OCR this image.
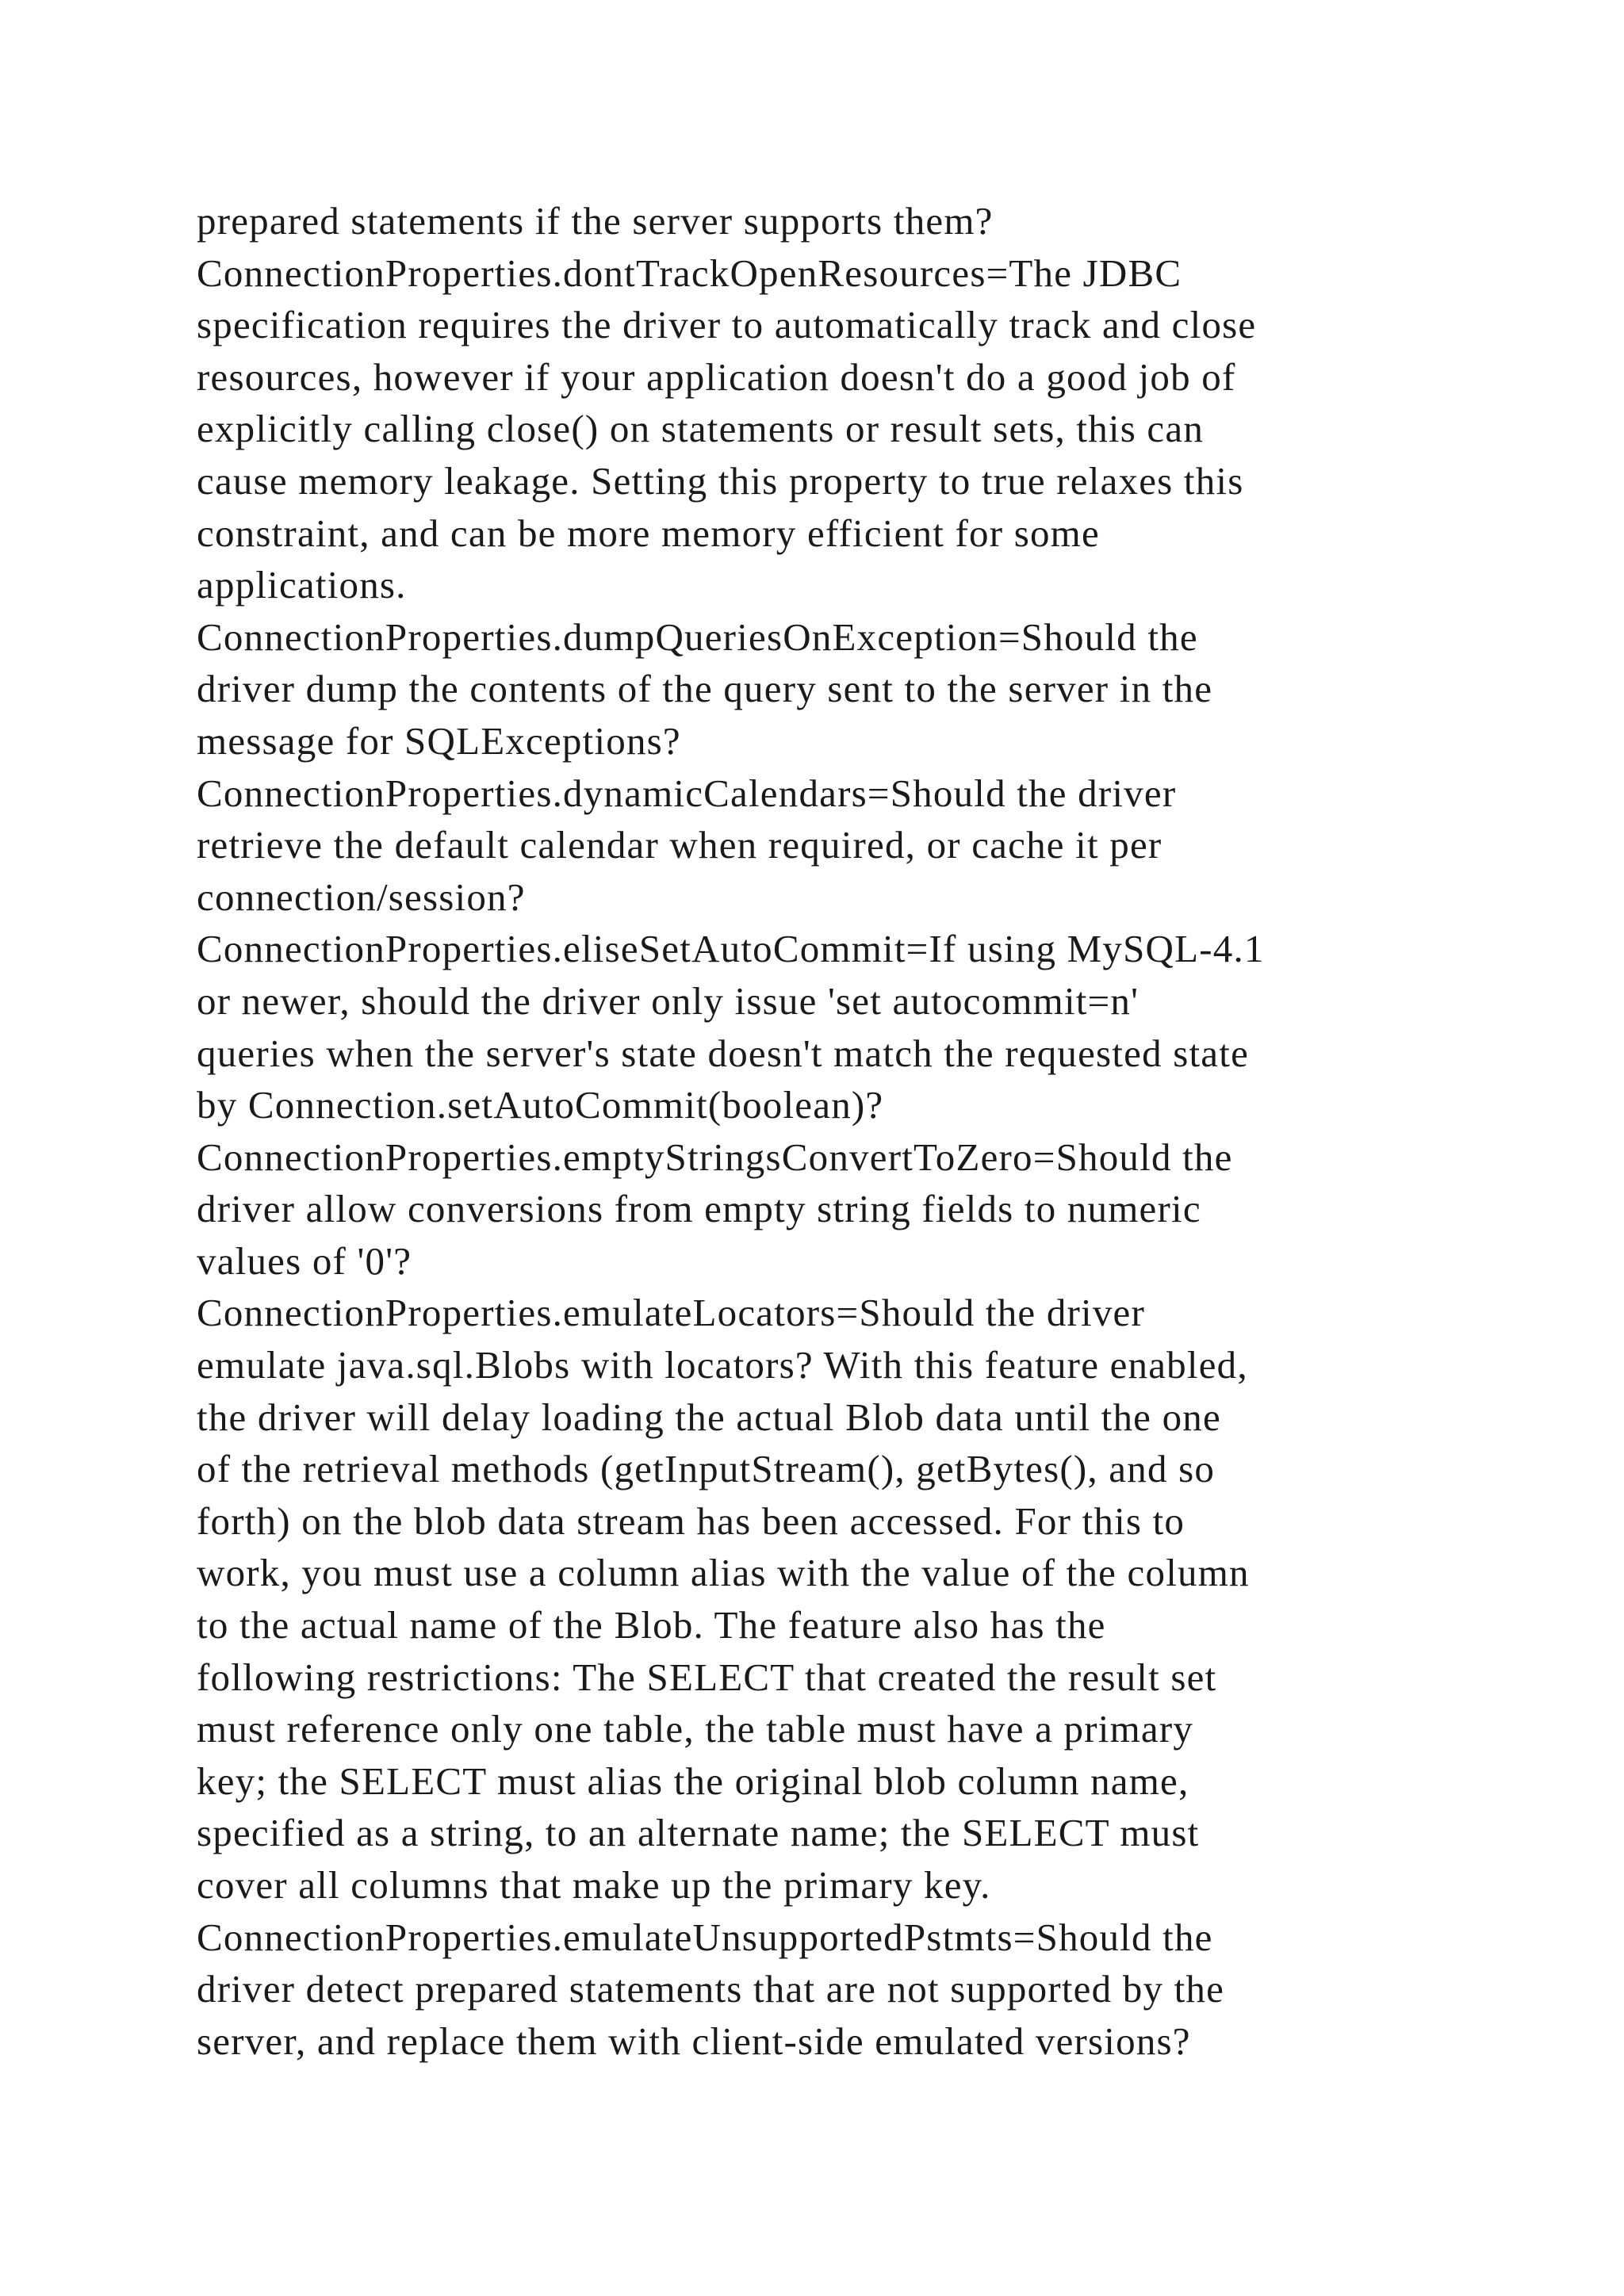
prepared statements if the server supports them?
ConnectionProperties.dontTrackOpenResources=The JDBC
specification requires the driver to automatically track and close
resources, however if your application doesn't do a good job of
explicitly calling close() on statements or result sets, this can
cause memory leakage. Setting this property to true relaxes this
constraint, and can be more memory efficient for some
applications.
ConnectionProperties.dumpQueriesOnException=Should the
driver dump the contents of the query sent to the server in the
message for SQLExceptions?
ConnectionProperties.dynamicCalendars=Should the driver
retrieve the default calendar when required, or cache it per
connection/session?
ConnectionProperties.eliseSetAutoCommit=If using MySQL-4.1
or newer, should the driver only issue 'set autocommit=n'
queries when the server's state doesn't match the requested state
by Connection.setAutoCommit(boolean)?
ConnectionProperties.emptyStringsConvertToZero=Should the
driver allow conversions from empty string fields to numeric
values of '0'?
ConnectionProperties.emulateLocators=Should the driver
emulate java.sql.Blobs with locators? With this feature enabled,
the driver will delay loading the actual Blob data until the one
of the retrieval methods (getInputStream(), getBytes(), and so
forth) on the blob data stream has been accessed. For this to
work, you must use a column alias with the value of the column
to the actual name of the Blob. The feature also has the
following restrictions: The SELECT that created the result set
must reference only one table, the table must have a primary
key; the SELECT must alias the original blob column name,
specified as a string, to an alternate name; the SELECT must
cover all columns that make up the primary key.
ConnectionProperties.emulateUnsupportedPstmts=Should the
driver detect prepared statements that are not supported by the
server, and replace them with client-side emulated versions?
